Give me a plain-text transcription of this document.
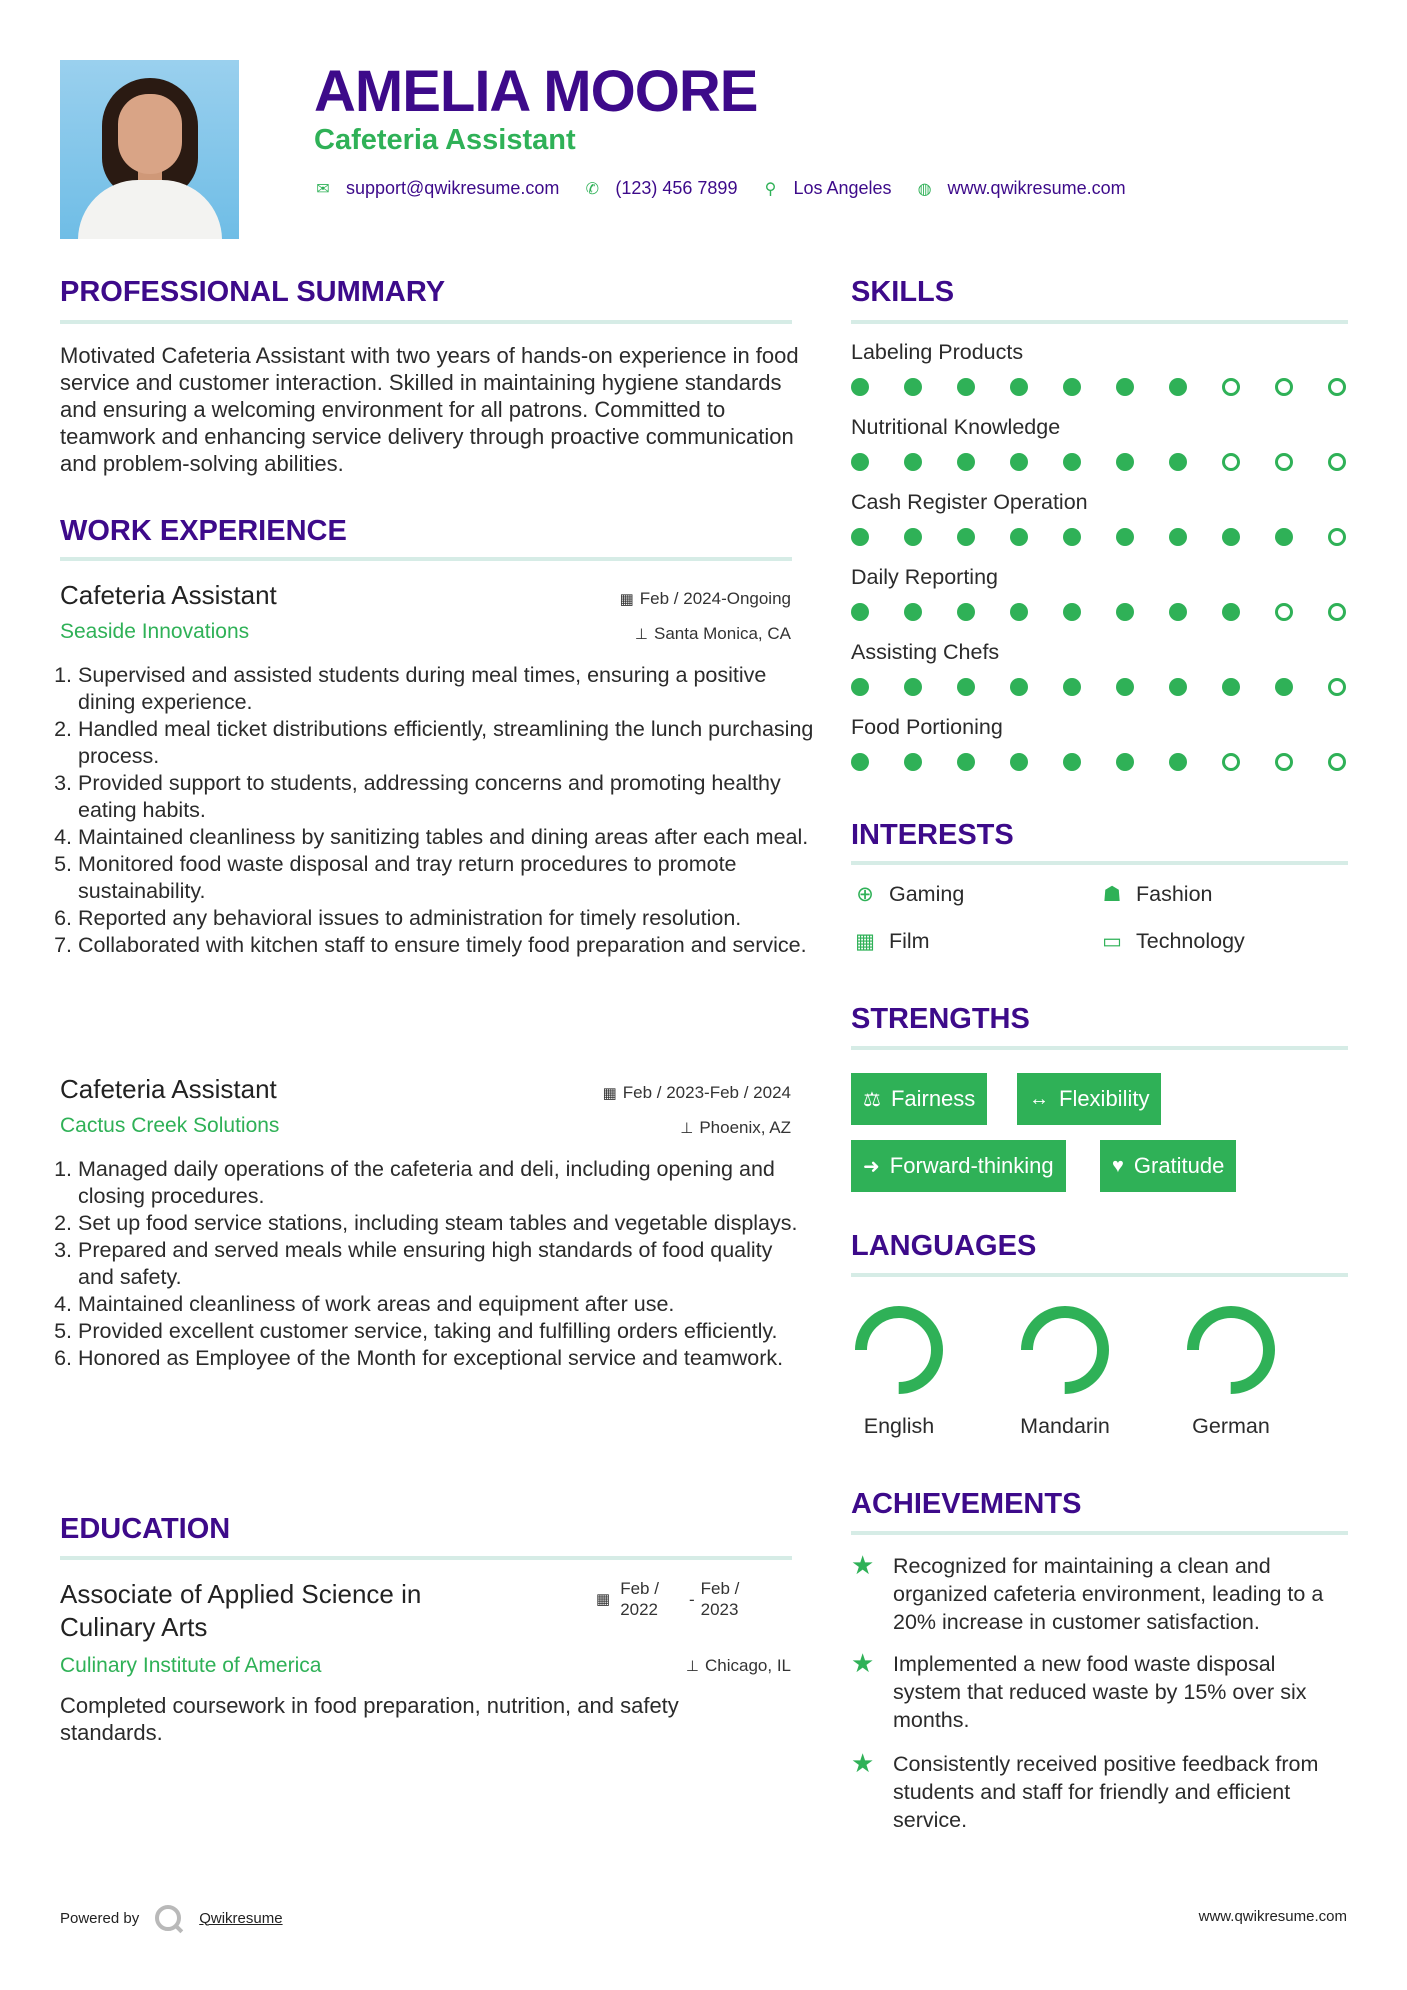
AMELIA MOORE
Cafeteria Assistant
✉ support@qwikresume.com ✆ (123) 456 7899 ⚲ Los Angeles ◍ www.qwikresume.com
PROFESSIONAL SUMMARY

Motivated Cafeteria Assistant with two years of hands-on experience in food service and customer interaction. Skilled in maintaining hygiene standards and ensuring a welcoming environment for all patrons. Committed to teamwork and enhancing service delivery through proactive communication and problem-solving abilities.

WORK EXPERIENCE
Cafeteria Assistant
Seaside Innovations
▦ Feb / 2024-Ongoing
⊥ Santa Monica, CA
1. Supervised and assisted students during meal times, ensuring a positive dining experience.
2. Handled meal ticket distributions efficiently, streamlining the lunch purchasing process.
3. Provided support to students, addressing concerns and promoting healthy eating habits.
4. Maintained cleanliness by sanitizing tables and dining areas after each meal.
5. Monitored food waste disposal and tray return procedures to promote sustainability.
6. Reported any behavioral issues to administration for timely resolution.
7. Collaborated with kitchen staff to ensure timely food preparation and service.
Cafeteria Assistant
Cactus Creek Solutions
▦ Feb / 2023-Feb / 2024
⊥ Phoenix, AZ
1. Managed daily operations of the cafeteria and deli, including opening and closing procedures.
2. Set up food service stations, including steam tables and vegetable displays.
3. Prepared and served meals while ensuring high standards of food quality and safety.
4. Maintained cleanliness of work areas and equipment after use.
5. Provided excellent customer service, taking and fulfilling orders efficiently.
6. Honored as Employee of the Month for exceptional service and teamwork.
EDUCATION
Associate of Applied Science in
Culinary Arts
▦
Feb /
2022
-
Feb /
2023
Culinary Institute of America	⊥ Chicago, IL

Completed coursework in food preparation, nutrition, and safety standards.

SKILLS
Labeling Products
Nutritional Knowledge
Cash Register Operation
Daily Reporting
Assisting Chefs
Food Portioning
INTERESTS
⊕ Gaming	☗ Fashion
▦ Film	▭ Technology
STRENGTHS
⚖ Fairness	↔ Flexibility
➜ Forward-thinking	♥ Gratitude
LANGUAGES
English	Mandarin	German
ACHIEVEMENTS
★ Recognized for maintaining a clean and organized cafeteria environment, leading to a 20% increase in customer satisfaction.
★ Implemented a new food waste disposal system that reduced waste by 15% over six months.
★ Consistently received positive feedback from students and staff for friendly and efficient service.
Powered by	Qwikresume	www.qwikresume.com
